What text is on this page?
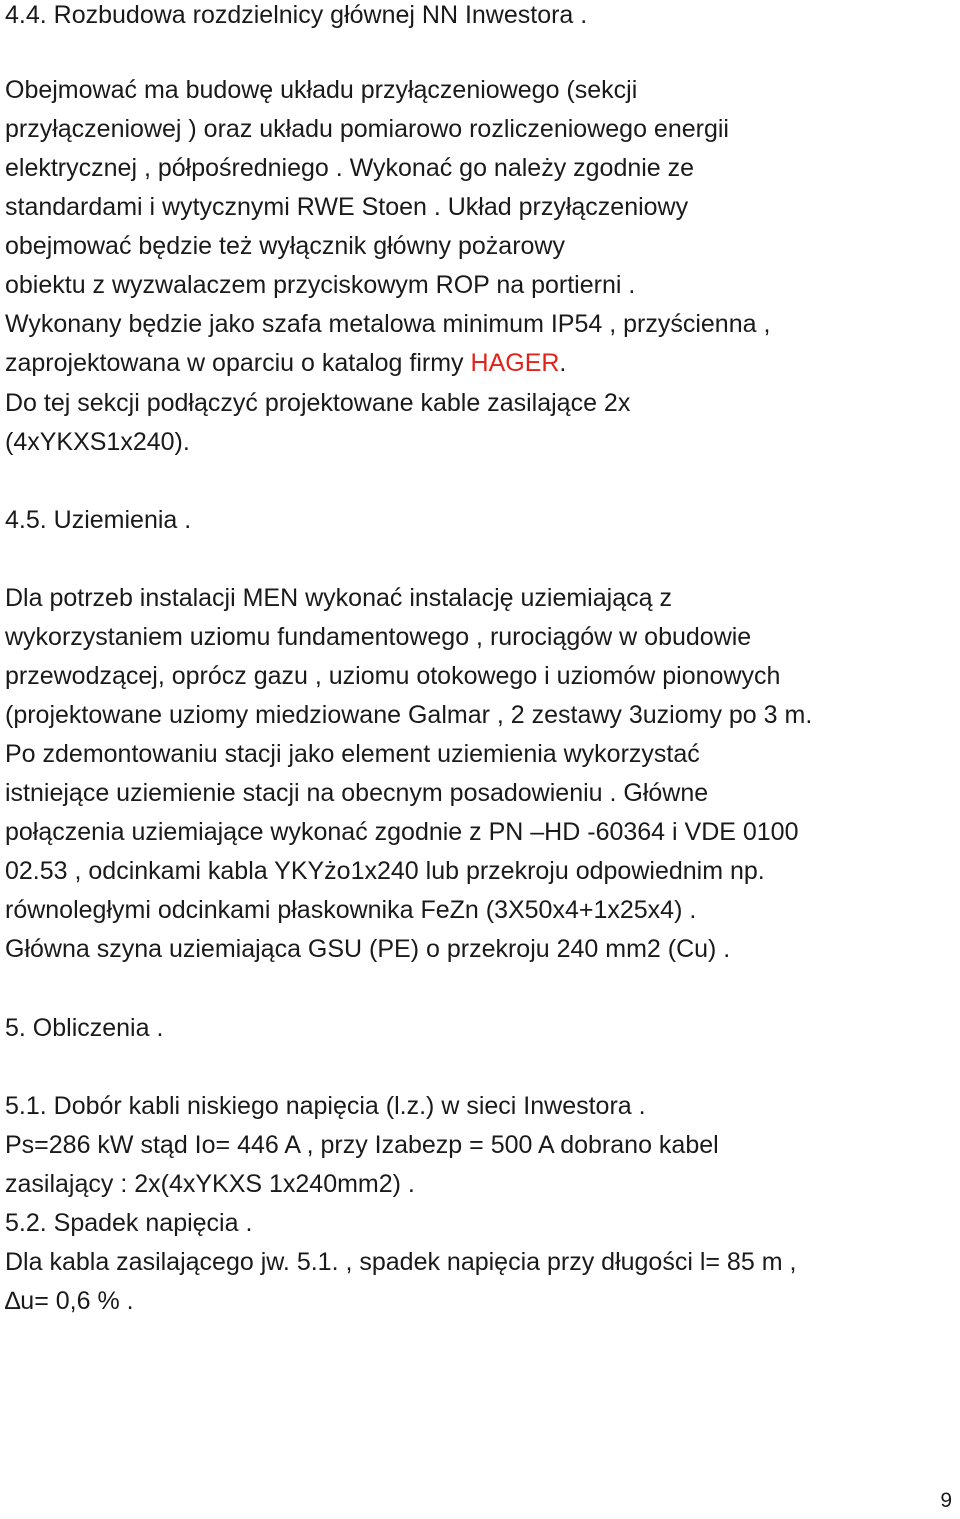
4.4. Rozbudowa rozdzielnicy głównej NN Inwestora .
Obejmować ma budowę układu przyłączeniowego (sekcji
przyłączeniowej ) oraz układu pomiarowo rozliczeniowego energii
elektrycznej , półpośredniego . Wykonać go należy zgodnie ze
standardami i wytycznymi RWE Stoen . Układ przyłączeniowy
obejmować będzie też wyłącznik główny pożarowy
obiektu z wyzwalaczem przyciskowym ROP na portierni .
Wykonany będzie jako szafa metalowa minimum IP54 , przyścienna ,
zaprojektowana w oparciu o katalog firmy HAGER.
Do tej sekcji podłączyć projektowane kable zasilające 2x
(4xYKXS1x240).
4.5. Uziemienia .
Dla potrzeb instalacji MEN wykonać instalację uziemiającą z
wykorzystaniem uziomu fundamentowego , rurociągów w obudowie
przewodzącej, oprócz gazu , uziomu otokowego i uziomów pionowych
(projektowane uziomy miedziowane Galmar , 2 zestawy 3uziomy po 3 m.
Po zdemontowaniu stacji jako element uziemienia wykorzystać
istniejące uziemienie stacji na obecnym posadowieniu . Główne
połączenia uziemiające wykonać zgodnie z PN –HD -60364 i VDE 0100
02.53 , odcinkami kabla YKYżo1x240 lub przekroju odpowiednim np.
równoległymi odcinkami płaskownika FeZn (3X50x4+1x25x4) .
Główna szyna uziemiająca GSU (PE) o przekroju 240 mm2 (Cu) .
5. Obliczenia .
5.1. Dobór kabli niskiego napięcia (l.z.) w sieci Inwestora .
Ps=286 kW stąd Io= 446 A , przy Izabezp = 500 A dobrano kabel
zasilający : 2x(4xYKXS 1x240mm2) .
5.2. Spadek napięcia .
Dla kabla zasilającego jw. 5.1. , spadek napięcia przy długości l= 85 m ,
∆u= 0,6 % .
9
